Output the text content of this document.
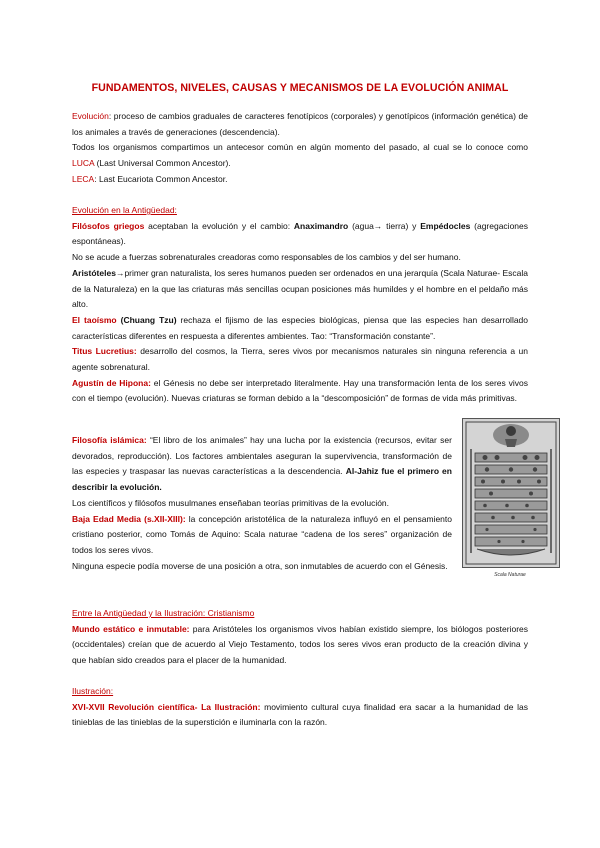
FUNDAMENTOS, NIVELES, CAUSAS Y MECANISMOS DE LA EVOLUCIÓN ANIMAL

Evolución: proceso de cambios graduales de caracteres fenotípicos (corporales) y genotípicos (información genética) de los animales a través de generaciones (descendencia).

Todos los organismos compartimos un antecesor común en algún momento del pasado, al cual se lo conoce como LUCA (Last Universal Common Ancestor).

LECA: Last Eucariota Common Ancestor.

Evolución en la Antigüedad:

Filósofos griegos aceptaban la evolución y el cambio: Anaximandro (agua→ tierra) y Empédocles (agregaciones espontáneas).

No se acude a fuerzas sobrenaturales creadoras como responsables de los cambios y del ser humano.

Aristóteles→primer gran naturalista, los seres humanos pueden ser ordenados en una jerarquía (Scala Naturae- Escala de la Naturaleza) en la que las criaturas más sencillas ocupan posiciones más humildes y el hombre en el peldaño más alto.

El taoísmo (Chuang Tzu) rechaza el fijismo de las especies biológicas, piensa que las especies han desarrollado características diferentes en respuesta a diferentes ambientes. Tao: “Transformación constante”.

Titus Lucretius: desarrollo del cosmos, la Tierra, seres vivos por mecanismos naturales sin ninguna referencia a un agente sobrenatural.

Agustín de Hipona: el Génesis no debe ser interpretado literalmente. Hay una transformación lenta de los seres vivos con el tiempo (evolución). Nuevas criaturas se forman debido a la “descomposición” de formas de vida más primitivas.

Filosofía islámica: “El libro de los animales” hay una lucha por la existencia (recursos, evitar ser devorados, reproducción). Los factores ambientales aseguran la supervivencia, transformación de las especies y traspasar las nuevas características a la descendencia. Al-Jahiz fue el primero en describir la evolución.

Los científicos y filósofos musulmanes enseñaban teorías primitivas de la evolución.

Baja Edad Media (s.XII-XIII): la concepción aristotélica de la naturaleza influyó en el pensamiento cristiano posterior, como Tomás de Aquino: Scala naturae “cadena de los seres” organización de todos los seres vivos.

Ninguna especie podía moverse de una posición a otra, son inmutables de acuerdo con el Génesis.

Scala Naturae

Entre la Antigüedad y la Ilustración: Cristianismo

Mundo estático e inmutable: para Aristóteles los organismos vivos habían existido siempre, los biólogos posteriores (occidentales) creían que de acuerdo al Viejo Testamento, todos los seres vivos eran producto de la creación divina y que habían sido creados para el placer de la humanidad.

Ilustración:

XVI-XVII Revolución científica- La Ilustración: movimiento cultural cuya finalidad era sacar a la humanidad de las tinieblas de las tinieblas de la superstición e iluminarla con la razón.
